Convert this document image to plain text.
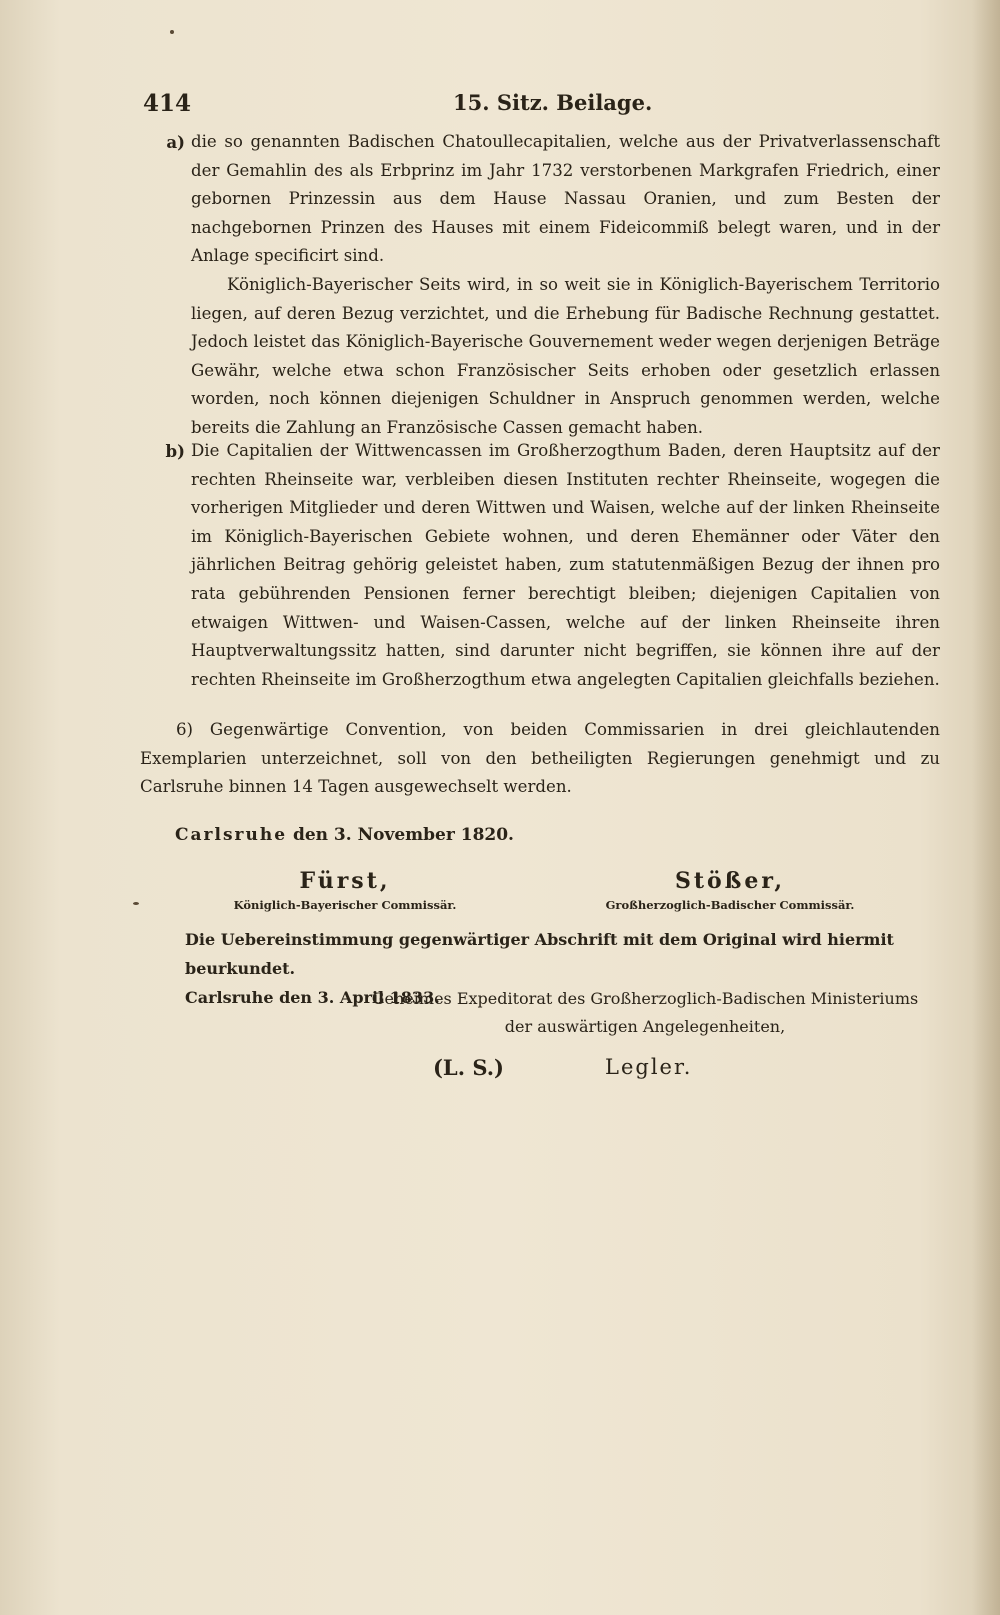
414	15. Sitz. Beilage.
a) die so genannten Badischen Chatoullecapitalien, welche aus der Privatverlassenschaft der Gemahlin des als Erbprinz im Jahr 1732 verstorbenen Markgrafen Friedrich, einer gebornen Prinzessin aus dem Hause Nassau Oranien, und zum Besten der nachgebornen Prinzen des Hauses mit einem Fideicommiß belegt waren, und in der Anlage specificirt sind.
Königlich-Bayerischer Seits wird, in so weit sie in Königlich-Bayerischem Territorio liegen, auf deren Bezug verzichtet, und die Erhebung für Badische Rechnung gestattet. Jedoch leistet das Königlich-Bayerische Gouvernement weder wegen derjenigen Beträge Gewähr, welche etwa schon Französischer Seits erhoben oder gesetzlich erlassen worden, noch können diejenigen Schuldner in Anspruch genommen werden, welche bereits die Zahlung an Französische Cassen gemacht haben.
b) Die Capitalien der Wittwencassen im Großherzogthum Baden, deren Hauptsitz auf der rechten Rheinseite war, verbleiben diesen Instituten rechter Rheinseite, wogegen die vorherigen Mitglieder und deren Wittwen und Waisen, welche auf der linken Rheinseite im Königlich-Bayerischen Gebiete wohnen, und deren Ehemänner oder Väter den jährlichen Beitrag gehörig geleistet haben, zum statutenmäßigen Bezug der ihnen pro rata gebührenden Pensionen ferner berechtigt bleiben; diejenigen Capitalien von etwaigen Wittwen- und Waisen-Cassen, welche auf der linken Rheinseite ihren Hauptverwaltungssitz hatten, sind darunter nicht begriffen, sie können ihre auf der rechten Rheinseite im Großherzogthum etwa angelegten Capitalien gleichfalls beziehen.
6) Gegenwärtige Convention, von beiden Commissarien in drei gleichlautenden Exemplarien unterzeichnet, soll von den betheiligten Regierungen genehmigt und zu Carlsruhe binnen 14 Tagen ausgewechselt werden.
Carlsruhe den 3. November 1820.
Fürst,
Königlich-Bayerischer Commissär.
Stößer,
Großherzoglich-Badischer Commissär.
Die Uebereinstimmung gegenwärtiger Abschrift mit dem Original wird hiermit beurkundet.
Carlsruhe den 3. April 1833.
Geheimes Expeditorat des Großherzoglich-Badischen Ministeriums
der auswärtigen Angelegenheiten,
(L. S.)	Legler.
